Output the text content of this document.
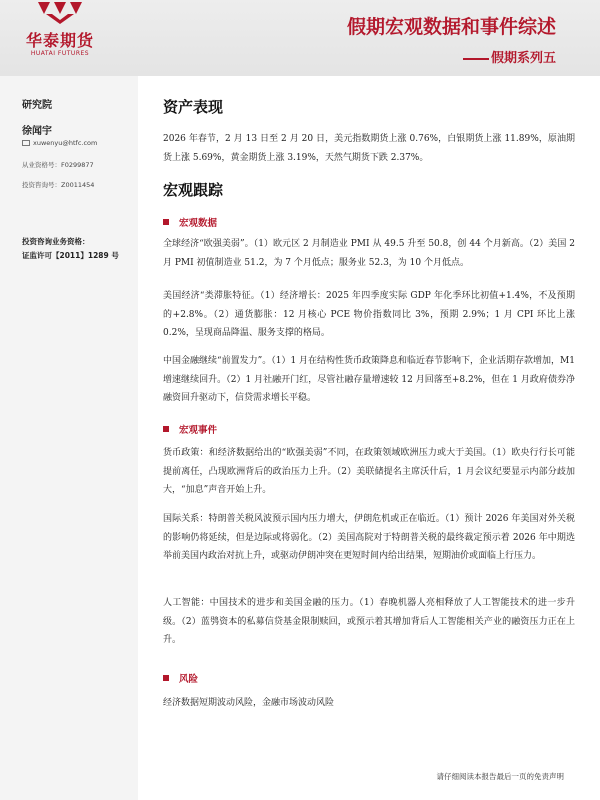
华泰期货
HUATAI FUTURES
假期宏观数据和事件综述
假期系列五
研究院
徐闻宇
xuwenyu@htfc.com
从业资格号：F0299877
投资咨询号：Z0011454
投资咨询业务资格：
证监许可【2011】1289 号
资产表现
2026 年春节，2 月 13 日至 2 月 20 日，美元指数期货上涨 0.76%，白银期货上涨 11.89%，原油期货上涨 5.69%，黄金期货上涨 3.19%，天然气期货下跌 2.37%。
宏观跟踪
宏观数据
全球经济“欧强美弱”。（1）欧元区 2 月制造业 PMI 从 49.5 升至 50.8，创 44 个月新高。（2）美国 2 月 PMI 初值制造业 51.2，为 7 个月低点；服务业 52.3，为 10 个月低点。
美国经济“类滞胀特征。（1）经济增长：2025 年四季度实际 GDP 年化季环比初值+1.4%，不及预期的+2.8%。（2）通货膨胀：12 月核心 PCE 物价指数同比 3%，预期 2.9%；1 月 CPI 环比上涨 0.2%，呈现商品降温、服务支撑的格局。
中国金融继续“前置发力”。（1）1 月在结构性货币政策降息和临近春节影响下，企业活期存款增加，M1 增速继续回升。（2）1 月社融开门红，尽管社融存量增速较 12 月回落至+8.2%，但在 1 月政府债券净融资回升驱动下，信贷需求增长平稳。
宏观事件
货币政策：和经济数据给出的“欧强美弱”不同，在政策领域欧洲压力或大于美国。（1）欧央行行长可能提前离任，凸现欧洲背后的政治压力上升。（2）美联储提名主席沃什后，1 月会议纪要显示内部分歧加大，“加息”声音开始上升。
国际关系：特朗普关税风波预示国内压力增大，伊朗危机或正在临近。（1）预计 2026 年美国对外关税的影响仍将延续，但是边际或将弱化。（2）美国高院对于特朗普关税的最终裁定预示着 2026 年中期选举前美国内政治对抗上升，或驱动伊朗冲突在更短时间内给出结果，短期油价或面临上行压力。
人工智能：中国技术的进步和美国金融的压力。（1）春晚机器人亮相释放了人工智能技术的进一步升级。（2）蓝鸮资本的私募信贷基金限制赎回，或预示着其增加背后人工智能相关产业的融资压力正在上升。
风险
经济数据短期波动风险，金融市场波动风险
请仔细阅读本报告最后一页的免责声明
